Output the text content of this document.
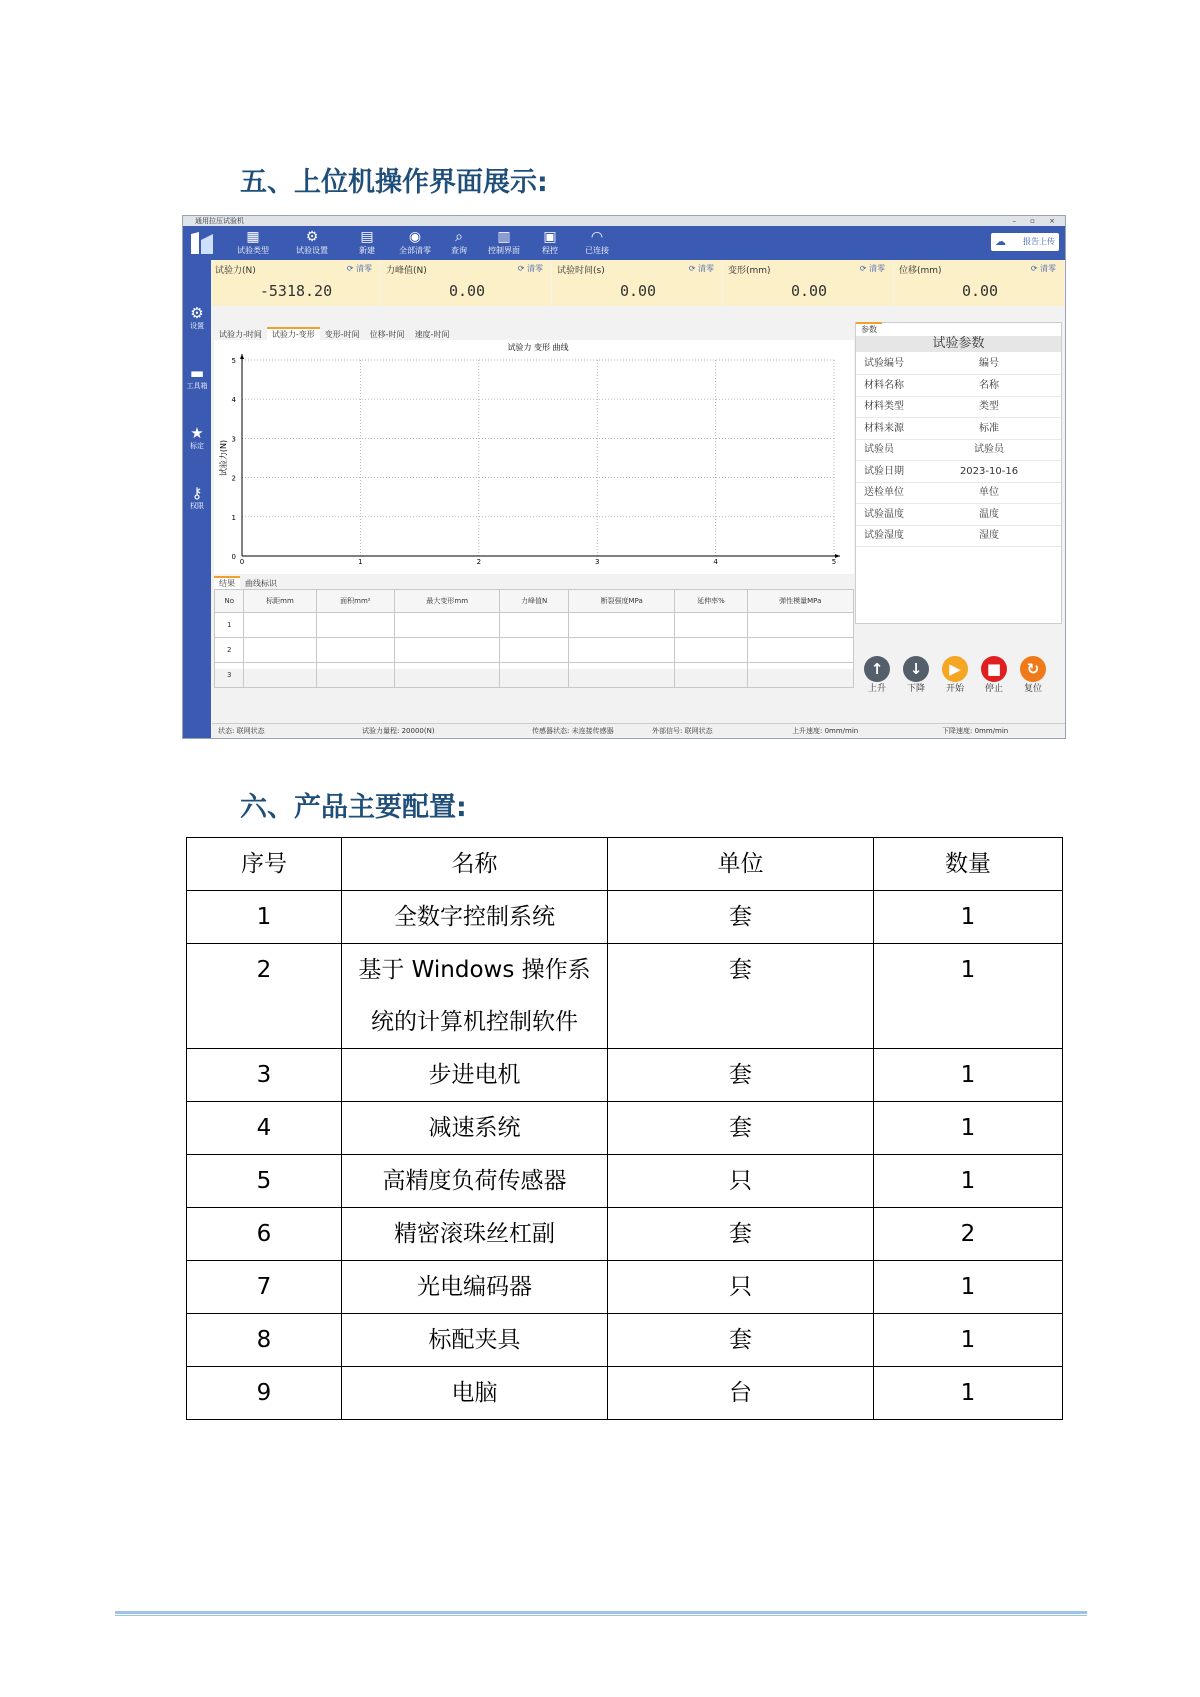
五、上位机操作界面展示:
通用拉压试验机	– ▫ ×
▦
试验类型
⚙
试验设置
▤
新建
◉
全部清零
⌕
查询
▥
控制界面
▣
程控
◠
已连接
☁ 报告上传
⚙
设置
▬
工具箱
★
标定
⚷
权限
试验力(N)	⟳ 清零
-5318.20
力峰值(N)	⟳ 清零
0.00
试验时间(s)	⟳ 清零
0.00
变形(mm)	⟳ 清零
0.00
位移(mm)	⟳ 清零
0.00
试验力-时间 试验力-变形 变形-时间 位移-时间 速度-时间
0	1	2	3	4	5
0
1
2
3
4
5
试验力 变形 曲线
试验力(N)
参数
试验参数
试验编号	编号
材料名称	名称
材料类型	类型
材料来源	标准
试验员	试验员
试验日期	2023-10-16
送检单位	单位
试验温度	温度
试验湿度	湿度
↑
上升
↓
下降
▶
开始
■
停止
↻
复位
结果 曲线标识
No	标距mm	面积mm²	最大变形mm	力峰值N	断裂强度MPa	延伸率%	弹性模量MPa
1							
2							
3							
状态: 联网状态	试验力量程: 20000(N)	传感器状态: 未连接传感器	外部信号: 联网状态	上升速度: 0mm/min	下降速度: 0mm/min
六、产品主要配置:
序号	名称	单位	数量
1	全数字控制系统	套	1
2	基于 Windows 操作系统的计算机控制软件	套	1
3	步进电机	套	1
4	减速系统	套	1
5	高精度负荷传感器	只	1
6	精密滚珠丝杠副	套	2
7	光电编码器	只	1
8	标配夹具	套	1
9	电脑	台	1
